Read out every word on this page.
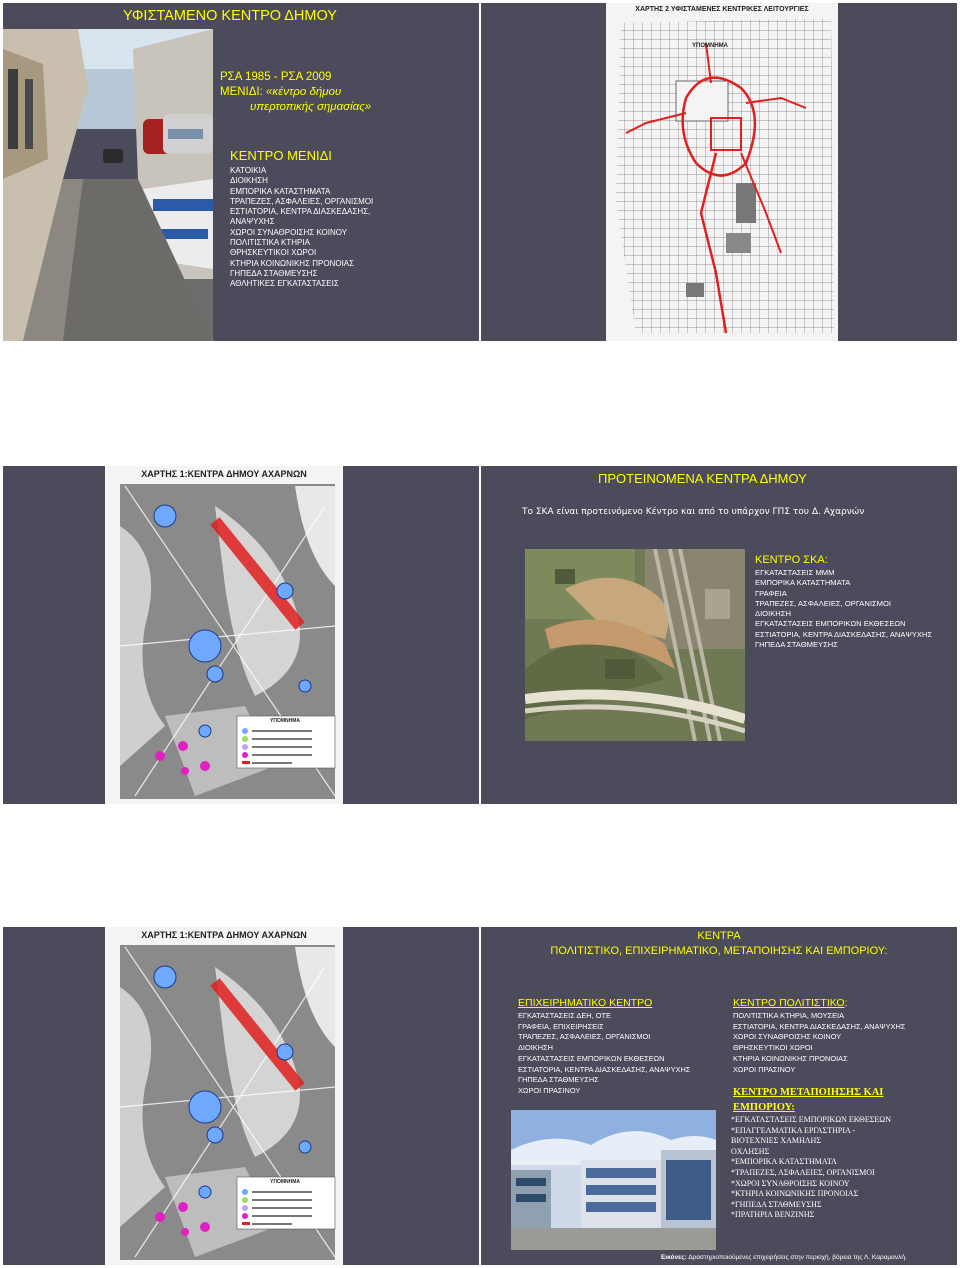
ΥΦΙΣΤΑΜΕΝΟ ΚΕΝΤΡΟ ΔΗΜΟΥ
ΡΣΑ 1985 - ΡΣΑ 2009
ΜΕΝΙΔΙ: «κέντρο δήμου
υπερτοπικής σημασίας»
ΚΕΝΤΡΟ ΜΕΝΙΔΙ
ΚΑΤΟΙΚΙΑ
ΔΙΟΙΚΗΣΗ
ΕΜΠΟΡΙΚΑ ΚΑΤΑΣΤΗΜΑΤΑ
ΤΡΑΠΕΖΕΣ, ΑΣΦΑΛΕΙΕΣ, ΟΡΓΑΝΙΣΜΟΙ
ΕΣΤΙΑΤΟΡΙΑ, ΚΕΝΤΡΑ ΔΙΑΣΚΕΔΑΣΗΣ,
ΑΝΑΨΥΧΗΣ
ΧΩΡΟΙ ΣΥΝΑΘΡΟΙΣΗΣ ΚΟΙΝΟΥ
ΠΟΛΙΤΙΣΤΙΚΑ ΚΤΗΡΙΑ
ΘΡΗΣΚΕΥΤΙΚΟΙ ΧΩΡΟΙ
ΚΤΗΡΙΑ ΚΟΙΝΩΝΙΚΗΣ ΠΡΟΝΟΙΑΣ
ΓΗΠΕΔΑ ΣΤΑΘΜΕΥΣΗΣ
ΑΘΛΗΤΙΚΕΣ ΕΓΚΑΤΑΣΤΑΣΕΙΣ
ΧΑΡΤΗΣ 2 ΥΦΙΣΤΑΜΕΝΕΣ ΚΕΝΤΡΙΚΕΣ ΛΕΙΤΟΥΡΓΙΕΣ
ΥΠΟΜΝΗΜΑ
ΧΑΡΤΗΣ 1:ΚΕΝΤΡΑ ΔΗΜΟΥ ΑΧΑΡΝΩΝ
ΥΠΟΜΝΗΜΑ
ΠΡΟΤΕΙΝΟΜΕΝΑ ΚΕΝΤΡΑ ΔΗΜΟΥ
Το ΣΚΑ είναι προτεινόμενο Κέντρο και από το υπάρχον ΓΠΣ του Δ. Αχαρνών
ΚΕΝΤΡΟ ΣΚΑ:
ΕΓΚΑΤΑΣΤΑΣΕΙΣ ΜΜΜ
ΕΜΠΟΡΙΚΑ ΚΑΤΑΣΤΗΜΑΤΑ
ΓΡΑΦΕΙΑ
ΤΡΑΠΕΖΕΣ, ΑΣΦΑΛΕΙΕΣ, ΟΡΓΑΝΙΣΜΟΙ
ΔΙΟΙΚΗΣΗ
ΕΓΚΑΤΑΣΤΑΣΕΙΣ ΕΜΠΟΡΙΚΩΝ ΕΚΘΕΣΕΩΝ
ΕΣΤΙΑΤΟΡΙΑ, ΚΕΝΤΡΑ ΔΙΑΣΚΕΔΑΣΗΣ, ΑΝΑΨΥΧΗΣ
ΓΗΠΕΔΑ ΣΤΑΘΜΕΥΣΗΣ
ΧΑΡΤΗΣ 1:ΚΕΝΤΡΑ ΔΗΜΟΥ ΑΧΑΡΝΩΝ
ΥΠΟΜΝΗΜΑ
ΚΕΝΤΡΑ
ΠΟΛΙΤΙΣΤΙΚΟ, ΕΠΙΧΕΙΡΗΜΑΤΙΚΟ, ΜΕΤΑΠΟΙΗΣΗΣ ΚΑΙ ΕΜΠΟΡΙΟΥ:
ΕΠΙΧΕΙΡΗΜΑΤΙΚΟ ΚΕΝΤΡΟ
ΕΓΚΑΤΑΣΤΑΣΕΙΣ ΔΕΗ, ΟΤΕ
ΓΡΑΦΕΙΑ, ΕΠΙΧΕΙΡΗΣΕΙΣ
ΤΡΑΠΕΖΕΣ, ΑΣΦΑΛΕΙΕΣ, ΟΡΓΑΝΙΣΜΟΙ
ΔΙΟΙΚΗΣΗ
ΕΓΚΑΤΑΣΤΑΣΕΙΣ ΕΜΠΟΡΙΚΩΝ ΕΚΘΕΣΕΩΝ
ΕΣΤΙΑΤΟΡΙΑ, ΚΕΝΤΡΑ ΔΙΑΣΚΕΔΑΣΗΣ, ΑΝΑΨΥΧΗΣ
ΓΗΠΕΔΑ ΣΤΑΘΜΕΥΣΗΣ
ΧΩΡΟΙ ΠΡΑΣΙΝΟΥ
ΚΕΝΤΡΟ ΠΟΛΙΤΙΣΤΙΚΟ:
ΠΟΛΙΤΙΣΤΙΚΑ ΚΤΗΡΙΑ, ΜΟΥΣΕΙΑ
ΕΣΤΙΑΤΟΡΙΑ, ΚΕΝΤΡΑ ΔΙΑΣΚΕΔΑΣΗΣ, ΑΝΑΨΥΧΗΣ
ΧΩΡΟΙ ΣΥΝΑΘΡΟΙΣΗΣ ΚΟΙΝΟΥ
ΘΡΗΣΚΕΥΤΙΚΟΙ ΧΩΡΟΙ
ΚΤΗΡΙΑ ΚΟΙΝΩΝΙΚΗΣ ΠΡΟΝΟΙΑΣ
ΧΩΡΟΙ ΠΡΑΣΙΝΟΥ
ΚΕΝΤΡΟ ΜΕΤΑΠΟΙΗΣΗΣ ΚΑΙ
ΕΜΠΟΡΙΟΥ:
*ΕΓΚΑΤΑΣΤΑΣΕΙΣ ΕΜΠΟΡΙΚΩΝ ΕΚΘΕΣΕΩΝ
*ΕΠΑΓΓΕΛΜΑΤΙΚΑ ΕΡΓΑΣΤΗΡΙΑ -
ΒΙΟΤΕΧΝΙΕΣ ΧΑΜΗΛΗΣ
ΟΧΛΗΣΗΣ
*ΕΜΠΟΡΙΚΑ ΚΑΤΑΣΤΗΜΑΤΑ
*ΤΡΑΠΕΖΕΣ, ΑΣΦΑΛΕΙΕΣ, ΟΡΓΑΝΙΣΜΟΙ
*ΧΩΡΟΙ ΣΥΝΑΘΡΟΙΣΗΣ ΚΟΙΝΟΥ
*ΚΤΗΡΙΑ ΚΟΙΝΩΝΙΚΗΣ ΠΡΟΝΟΙΑΣ
*ΓΗΠΕΔΑ ΣΤΑΘΜΕΥΣΗΣ
*ΠΡΑΤΗΡΙΑ ΒΕΝΖΙΝΗΣ
Εικόνες: Δραστηριοποιούμενες επιχειρήσεις στην περιοχή, βόρεια της Λ. Καραμανλή.
